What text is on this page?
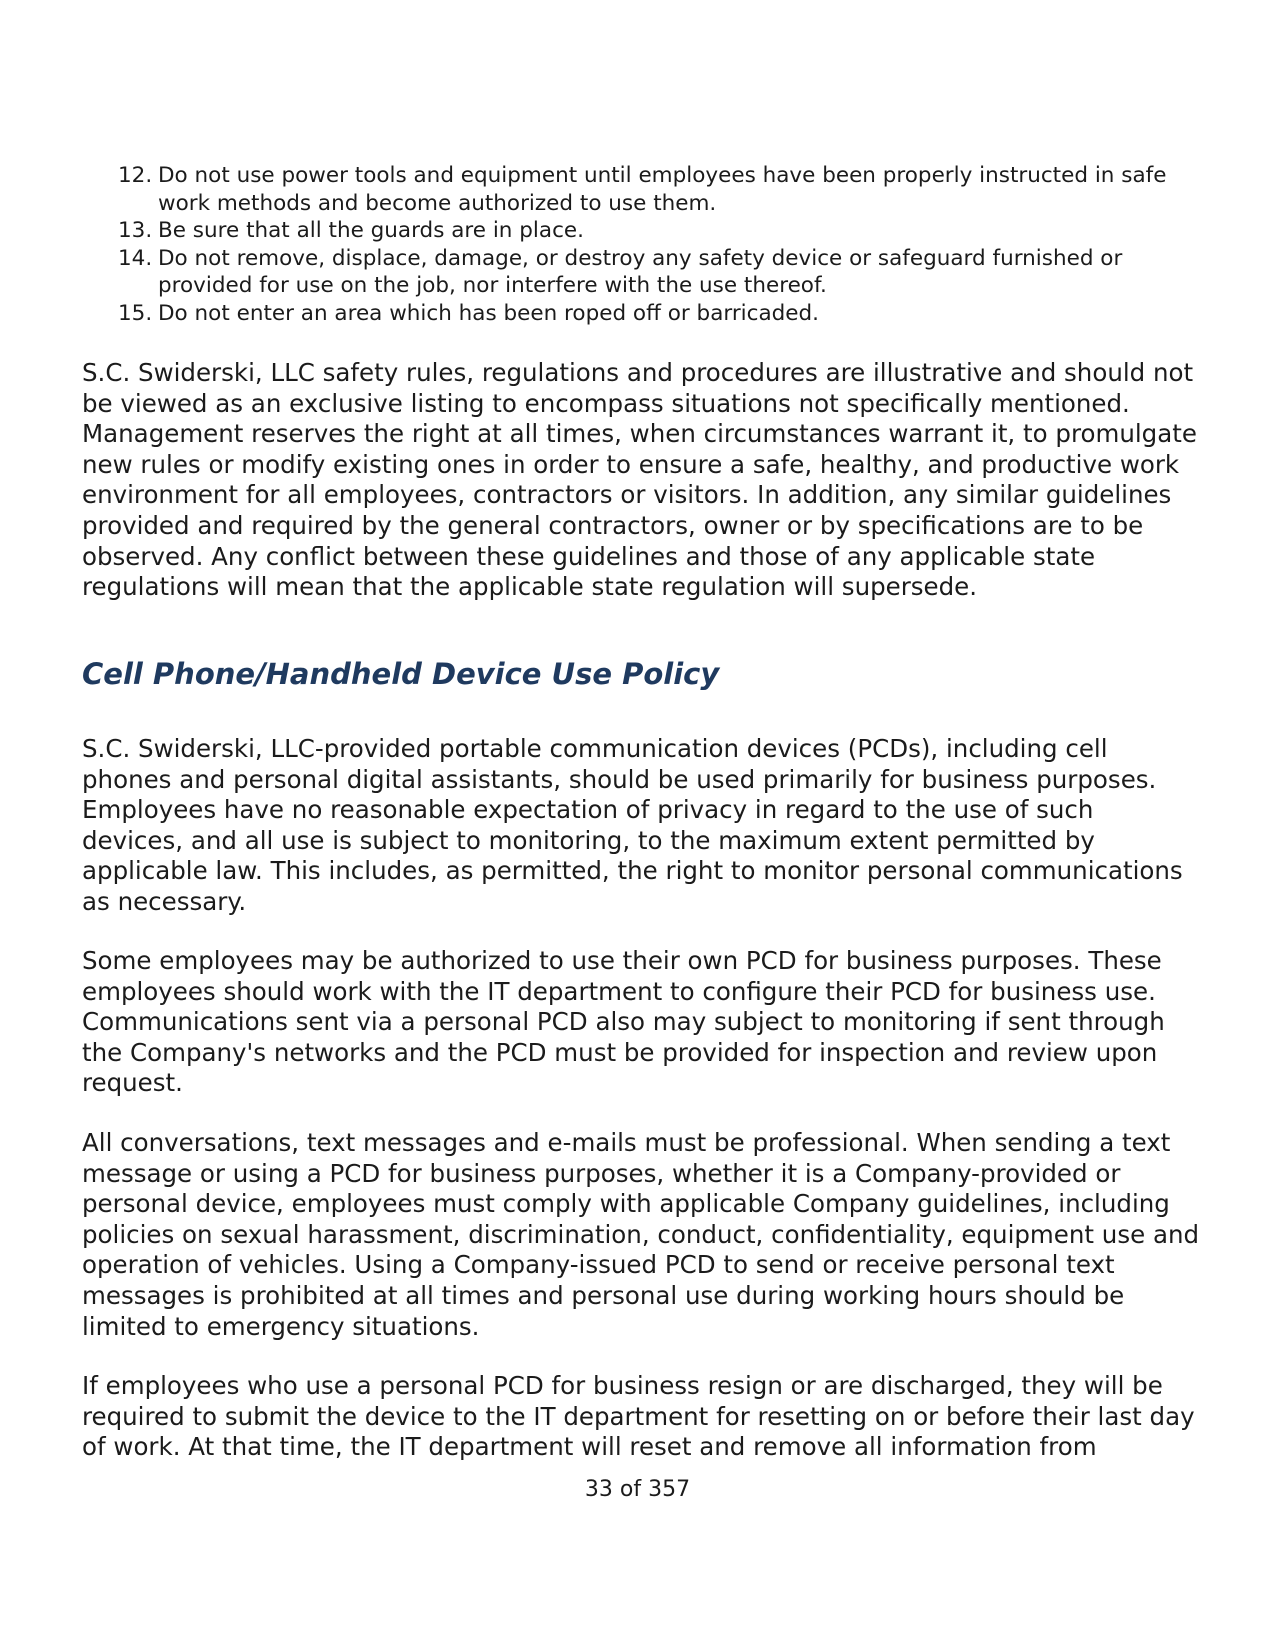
12. Do not use power tools and equipment until employees have been properly instructed in safe work methods and become authorized to use them.
13. Be sure that all the guards are in place.
14. Do not remove, displace, damage, or destroy any safety device or safeguard furnished or provided for use on the job, nor interfere with the use thereof.
15. Do not enter an area which has been roped off or barricaded.

S.C. Swiderski, LLC safety rules, regulations and procedures are illustrative and should not be viewed as an exclusive listing to encompass situations not specifically mentioned. Management reserves the right at all times, when circumstances warrant it, to promulgate new rules or modify existing ones in order to ensure a safe, healthy, and productive work environment for all employees, contractors or visitors. In addition, any similar guidelines provided and required by the general contractors, owner or by specifications are to be observed. Any conflict between these guidelines and those of any applicable state regulations will mean that the applicable state regulation will supersede.

Cell Phone/Handheld Device Use Policy

S.C. Swiderski, LLC-provided portable communication devices (PCDs), including cell phones and personal digital assistants, should be used primarily for business purposes. Employees have no reasonable expectation of privacy in regard to the use of such devices, and all use is subject to monitoring, to the maximum extent permitted by applicable law. This includes, as permitted, the right to monitor personal communications as necessary.

Some employees may be authorized to use their own PCD for business purposes. These employees should work with the IT department to configure their PCD for business use. Communications sent via a personal PCD also may subject to monitoring if sent through the Company's networks and the PCD must be provided for inspection and review upon request.

All conversations, text messages and e-mails must be professional. When sending a text message or using a PCD for business purposes, whether it is a Company-provided or personal device, employees must comply with applicable Company guidelines, including policies on sexual harassment, discrimination, conduct, confidentiality, equipment use and operation of vehicles. Using a Company-issued PCD to send or receive personal text messages is prohibited at all times and personal use during working hours should be limited to emergency situations.

If employees who use a personal PCD for business resign or are discharged, they will be required to submit the device to the IT department for resetting on or before their last day of work. At that time, the IT department will reset and remove all information from

33 of 357
